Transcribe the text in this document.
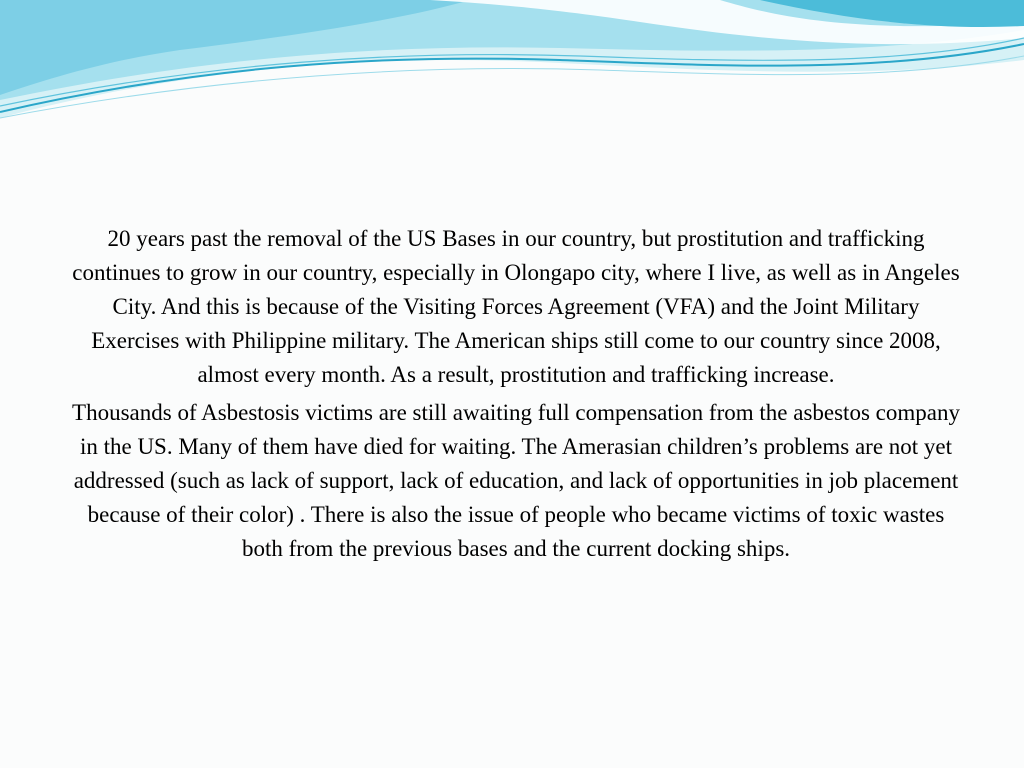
20 years past the removal of the US Bases in our country, but prostitution and trafficking continues to grow in our country, especially in Olongapo city, where I live, as well as in Angeles City. And this is because of the Visiting Forces Agreement (VFA) and the Joint Military Exercises with Philippine military. The American ships still come to our country since 2008, almost every month. As a result, prostitution and trafficking increase.

Thousands of Asbestosis victims are still awaiting full compensation from the asbestos company in the US. Many of them have died for waiting. The Amerasian children’s problems are not yet addressed (such as lack of support, lack of education, and lack of opportunities in job placement because of their color) . There is also the issue of people who became victims of toxic wastes both from the previous bases and the current docking ships.
